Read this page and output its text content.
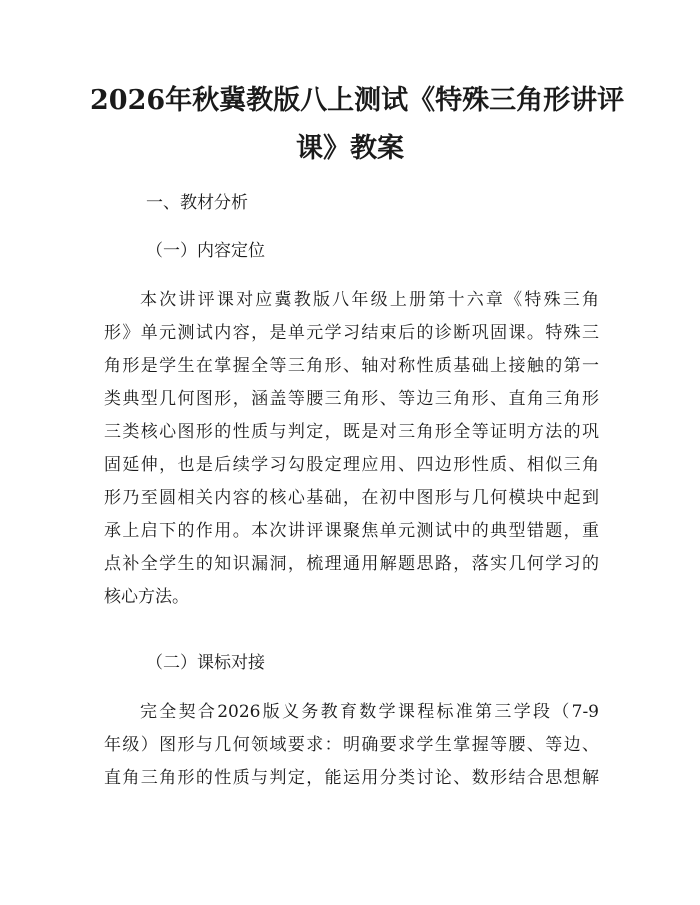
2026年秋冀教版八上测试《特殊三角形讲评
课》教案
一、教材分析
（一）内容定位
本次讲评课对应冀教版八年级上册第十六章《特殊三角
形》单元测试内容，是单元学习结束后的诊断巩固课。特殊三
角形是学生在掌握全等三角形、轴对称性质基础上接触的第一
类典型几何图形，涵盖等腰三角形、等边三角形、直角三角形
三类核心图形的性质与判定，既是对三角形全等证明方法的巩
固延伸，也是后续学习勾股定理应用、四边形性质、相似三角
形乃至圆相关内容的核心基础，在初中图形与几何模块中起到
承上启下的作用。本次讲评课聚焦单元测试中的典型错题，重
点补全学生的知识漏洞，梳理通用解题思路，落实几何学习的
核心方法。
（二）课标对接
完全契合2026版义务教育数学课程标准第三学段（7-9
年级）图形与几何领域要求：明确要求学生掌握等腰、等边、
直角三角形的性质与判定，能运用分类讨论、数形结合思想解
